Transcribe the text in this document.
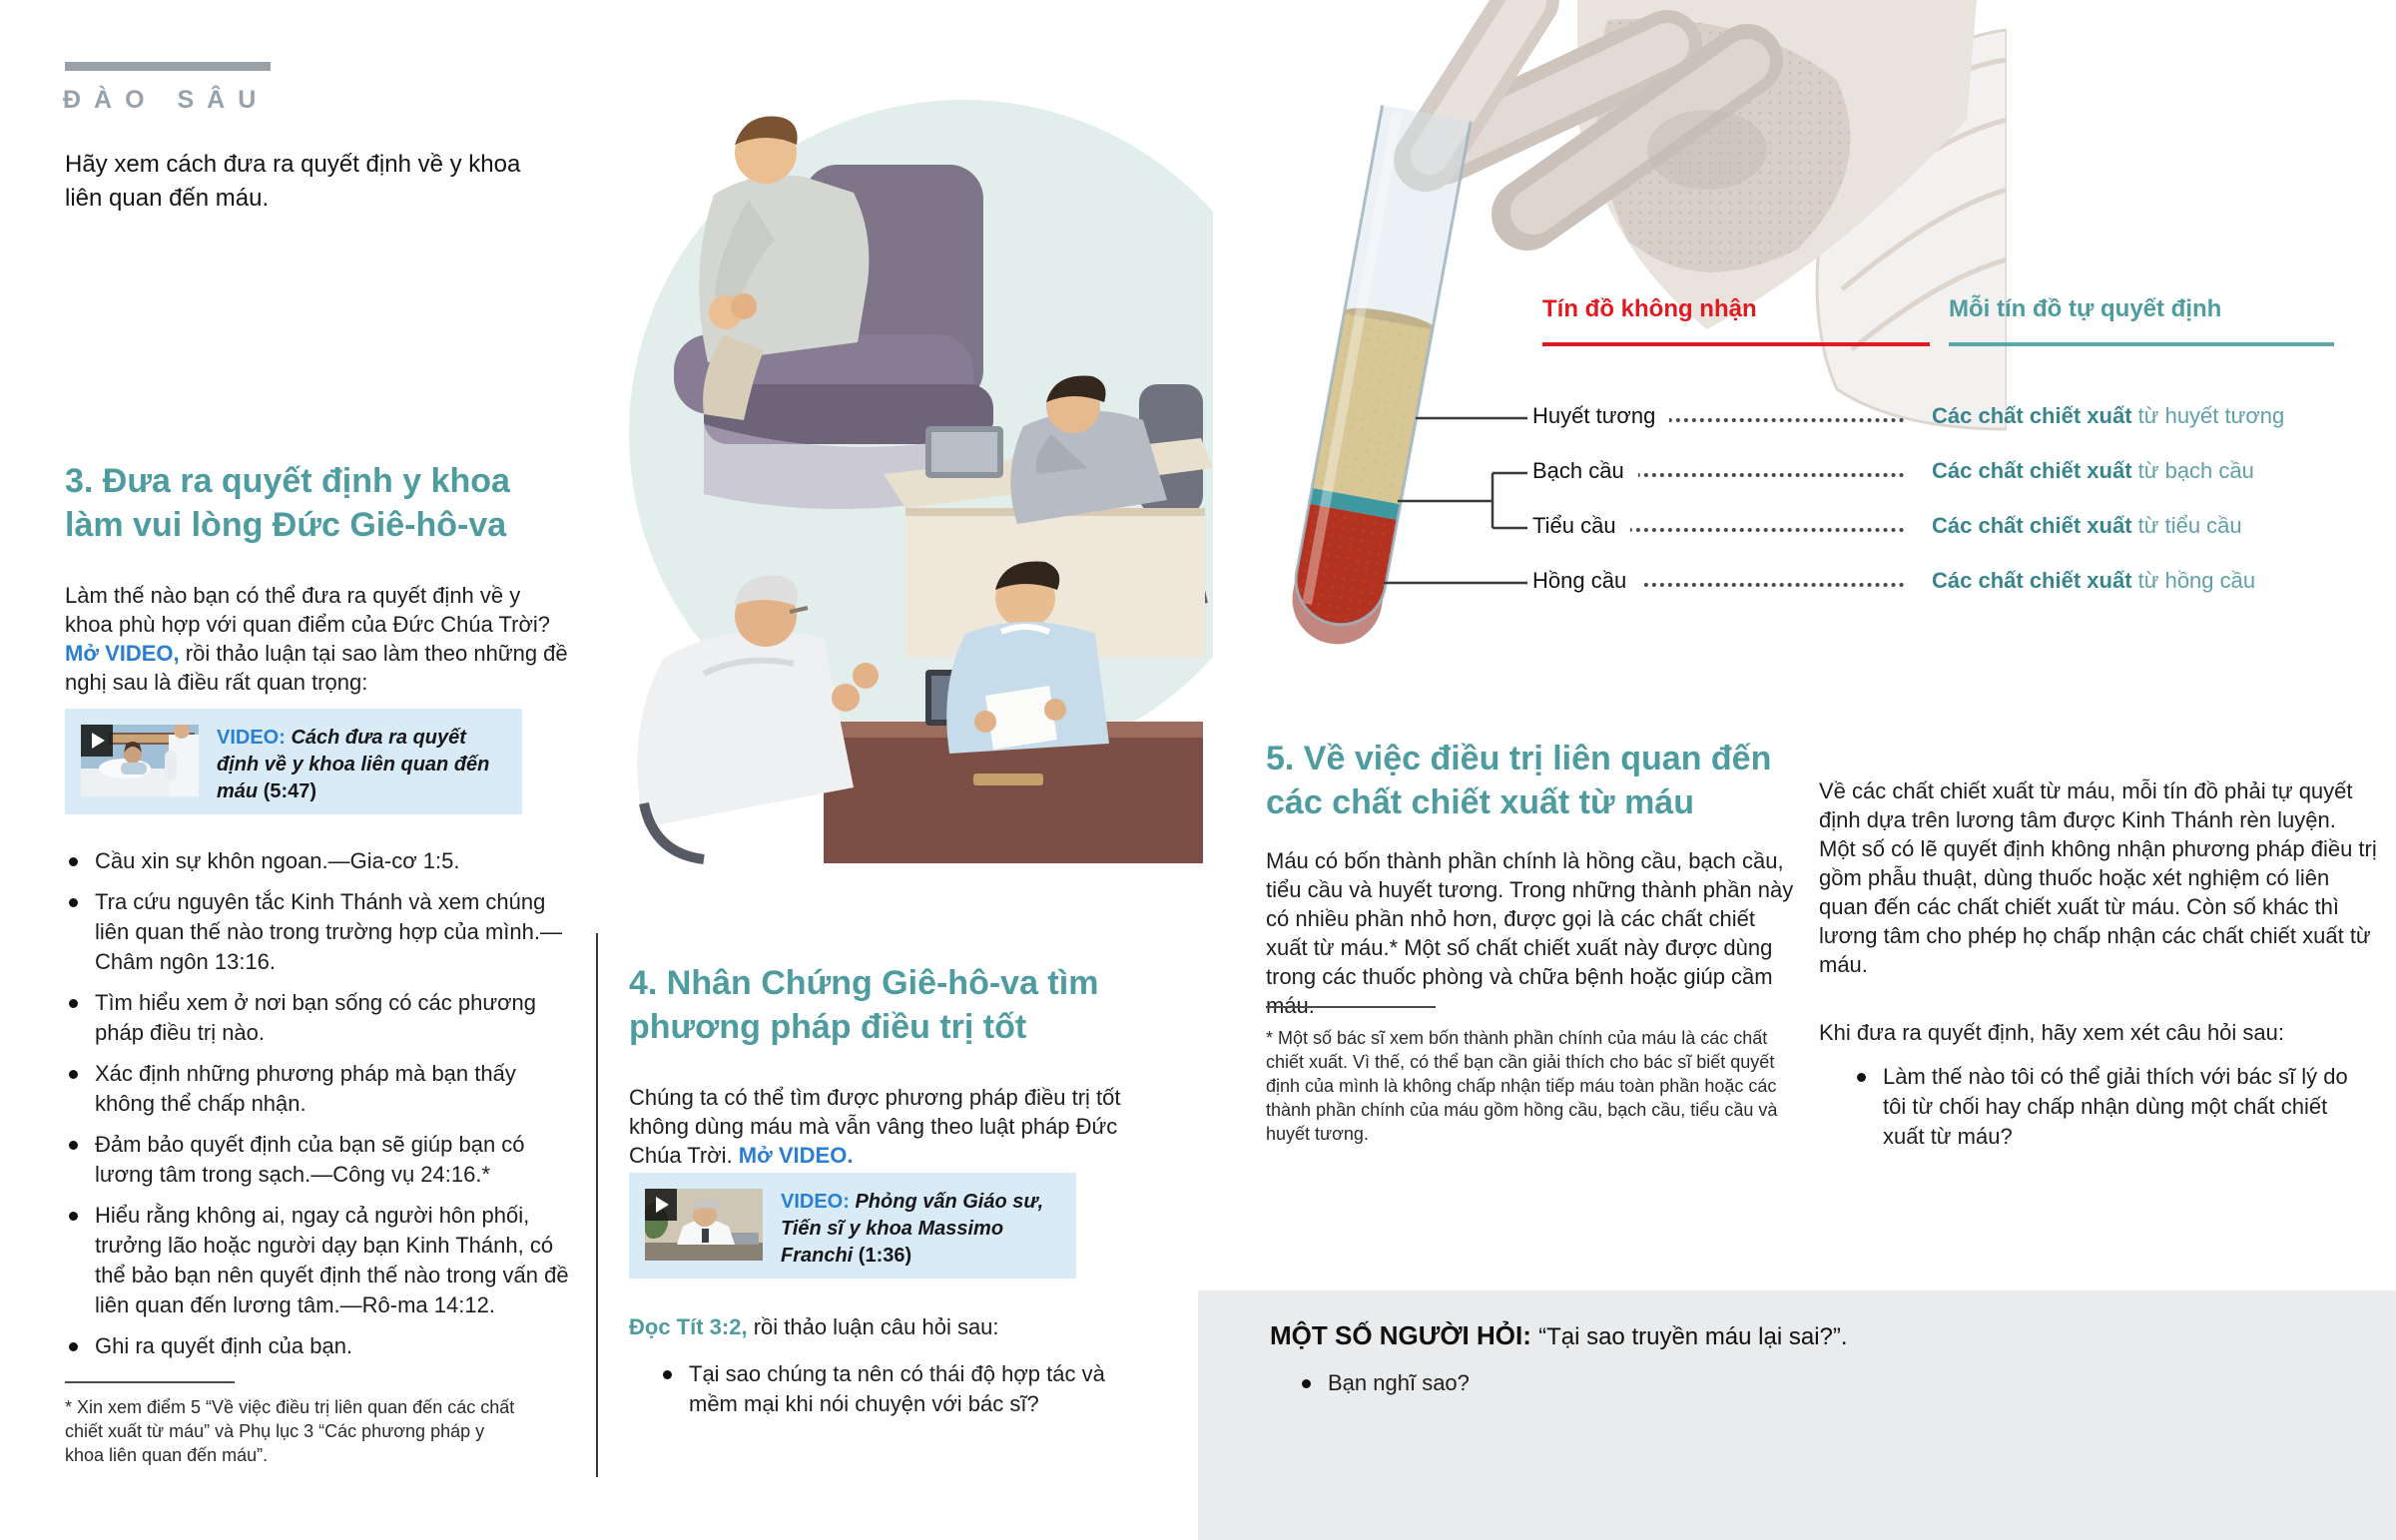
ĐÀO SÂU
Hãy xem cách đưa ra quyết định về y khoa liên quan đến máu.
3. Đưa ra quyết định y khoa làm vui lòng Đức Giê-hô-va

Làm thế nào bạn có thể đưa ra quyết định về y khoa phù hợp với quan điểm của Đức Chúa Trời? Mở VIDEO, rồi thảo luận tại sao làm theo những đề nghị sau là điều rất quan trọng:

VIDEO: Cách đưa ra quyết định về y khoa liên quan đến máu (5:47)
Cầu xin sự khôn ngoan.—Gia-cơ 1:5.
Tra cứu nguyên tắc Kinh Thánh và xem chúng liên quan thế nào trong trường hợp của mình.—Châm ngôn 13:16.
Tìm hiểu xem ở nơi bạn sống có các phương pháp điều trị nào.
Xác định những phương pháp mà bạn thấy không thể chấp nhận.
Đảm bảo quyết định của bạn sẽ giúp bạn có lương tâm trong sạch.—Công vụ 24:16.*
Hiểu rằng không ai, ngay cả người hôn phối, trưởng lão hoặc người dạy bạn Kinh Thánh, có thể bảo bạn nên quyết định thế nào trong vấn đề liên quan đến lương tâm.—Rô-ma 14:12.
Ghi ra quyết định của bạn.
* Xin xem điểm 5 “Về việc điều trị liên quan đến các chất chiết xuất từ máu” và Phụ lục 3 “Các phương pháp y khoa liên quan đến máu”.
4. Nhân Chứng Giê-hô-va tìm phương pháp điều trị tốt

Chúng ta có thể tìm được phương pháp điều trị tốt không dùng máu mà vẫn vâng theo luật pháp Đức Chúa Trời. Mở VIDEO.

VIDEO: Phỏng vấn Giáo sư, Tiến sĩ y khoa Massimo Franchi (1:36)

Đọc Tít 3:2, rồi thảo luận câu hỏi sau:

Tại sao chúng ta nên có thái độ hợp tác và mềm mại khi nói chuyện với bác sĩ?
Tín đồ không nhận	Mỗi tín đồ tự quyết định
Huyết tương	Các chất chiết xuất từ huyết tương
Bạch cầu	Các chất chiết xuất từ bạch cầu
Tiểu cầu	Các chất chiết xuất từ tiểu cầu
Hồng cầu	Các chất chiết xuất từ hồng cầu
5. Về việc điều trị liên quan đến các chất chiết xuất từ máu

Máu có bốn thành phần chính là hồng cầu, bạch cầu, tiểu cầu và huyết tương. Trong những thành phần này có nhiều phần nhỏ hơn, được gọi là các chất chiết xuất từ máu.* Một số chất chiết xuất này được dùng trong các thuốc phòng và chữa bệnh hoặc giúp cầm máu.

* Một số bác sĩ xem bốn thành phần chính của máu là các chất chiết xuất. Vì thế, có thể bạn cần giải thích cho bác sĩ biết quyết định của mình là không chấp nhận tiếp máu toàn phần hoặc các thành phần chính của máu gồm hồng cầu, bạch cầu, tiểu cầu và huyết tương.

Về các chất chiết xuất từ máu, mỗi tín đồ phải tự quyết định dựa trên lương tâm được Kinh Thánh rèn luyện. Một số có lẽ quyết định không nhận phương pháp điều trị gồm phẫu thuật, dùng thuốc hoặc xét nghiệm có liên quan đến các chất chiết xuất từ máu. Còn số khác thì lương tâm cho phép họ chấp nhận các chất chiết xuất từ máu.

Khi đưa ra quyết định, hãy xem xét câu hỏi sau:

Làm thế nào tôi có thể giải thích với bác sĩ lý do tôi từ chối hay chấp nhận dùng một chất chiết xuất từ máu?
MỘT SỐ NGƯỜI HỎI: “Tại sao truyền máu lại sai?”.
Bạn nghĩ sao?
